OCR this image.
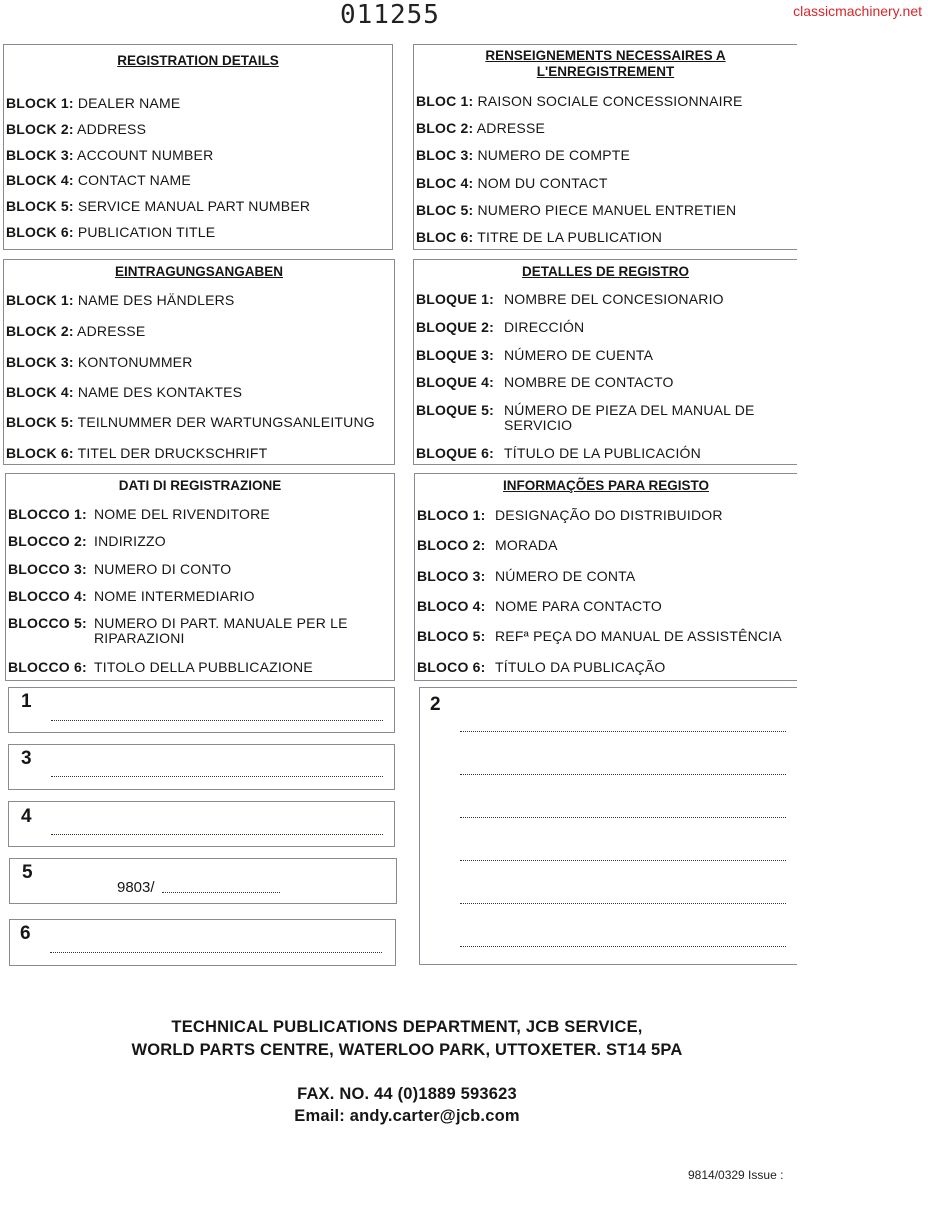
011255	classicmachinery.net
REGISTRATION DETAILS
BLOCK 1: DEALER NAME
BLOCK 2: ADDRESS
BLOCK 3: ACCOUNT NUMBER
BLOCK 4: CONTACT NAME
BLOCK 5: SERVICE MANUAL PART NUMBER
BLOCK 6: PUBLICATION TITLE
RENSEIGNEMENTS NECESSAIRES A
L'ENREGISTREMENT
BLOC 1: RAISON SOCIALE CONCESSIONNAIRE
BLOC 2: ADRESSE
BLOC 3: NUMERO DE COMPTE
BLOC 4: NOM DU CONTACT
BLOC 5: NUMERO PIECE MANUEL ENTRETIEN
BLOC 6: TITRE DE LA PUBLICATION
EINTRAGUNGSANGABEN
BLOCK 1: NAME DES HÄNDLERS
BLOCK 2: ADRESSE
BLOCK 3: KONTONUMMER
BLOCK 4: NAME DES KONTAKTES
BLOCK 5: TEILNUMMER DER WARTUNGSANLEITUNG
BLOCK 6: TITEL DER DRUCKSCHRIFT
DETALLES DE REGISTRO
BLOQUE 1: NOMBRE DEL CONCESIONARIO
BLOQUE 2: DIRECCIÓN
BLOQUE 3: NÚMERO DE CUENTA
BLOQUE 4: NOMBRE DE CONTACTO
BLOQUE 5: NÚMERO DE PIEZA DEL MANUAL DE SERVICIO
BLOQUE 6: TÍTULO DE LA PUBLICACIÓN
DATI DI REGISTRAZIONE
BLOCCO 1: NOME DEL RIVENDITORE
BLOCCO 2: INDIRIZZO
BLOCCO 3: NUMERO DI CONTO
BLOCCO 4: NOME INTERMEDIARIO
BLOCCO 5: NUMERO DI PART. MANUALE PER LE RIPARAZIONI
BLOCCO 6: TITOLO DELLA PUBBLICAZIONE
INFORMAÇÕES PARA REGISTO
BLOCO 1: DESIGNAÇÃO DO DISTRIBUIDOR
BLOCO 2: MORADA
BLOCO 3: NÚMERO DE CONTA
BLOCO 4: NOME PARA CONTACTO
BLOCO 5: REFª PEÇA DO MANUAL DE ASSISTÊNCIA
BLOCO 6: TÍTULO DA PUBLICAÇÃO
1
3
4
5
9803/
6
2
TECHNICAL PUBLICATIONS DEPARTMENT, JCB SERVICE,
WORLD PARTS CENTRE, WATERLOO PARK, UTTOXETER. ST14 5PA
FAX. NO. 44 (0)1889 593623
Email: andy.carter@jcb.com
9814/0329 Issue :
